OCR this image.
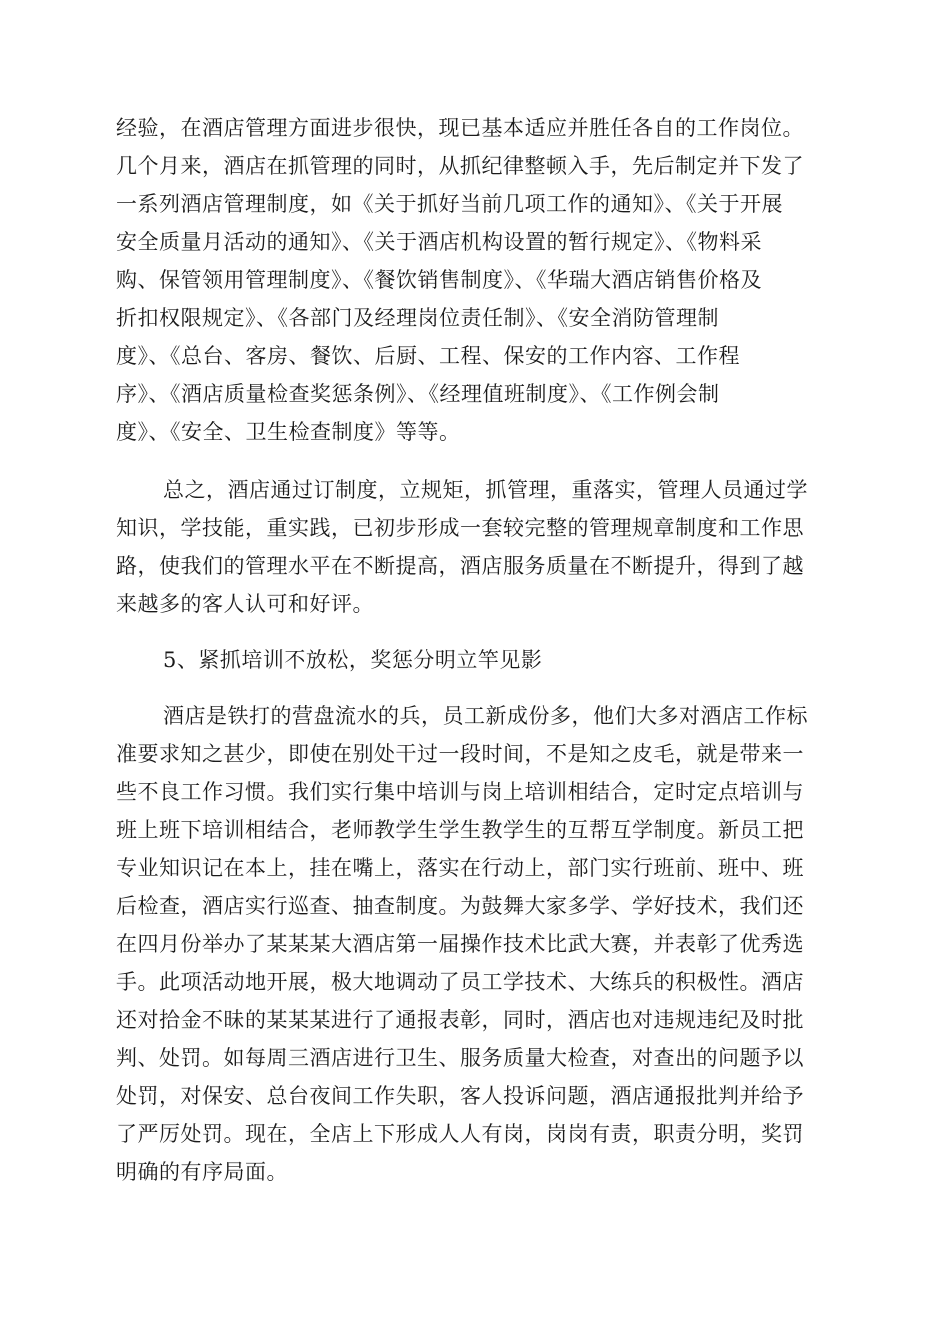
经验，在酒店管理方面进步很快，现已基本适应并胜任各自的工作岗位。
几个月来，酒店在抓管理的同时，从抓纪律整顿入手，先后制定并下发了
一系列酒店管理制度，如《关于抓好当前几项工作的通知》、《关于开展
安全质量月活动的通知》、《关于酒店机构设置的暂行规定》、《物料采
购、保管领用管理制度》、《餐饮销售制度》、《华瑞大酒店销售价格及
折扣权限规定》、《各部门及经理岗位责任制》、《安全消防管理制
度》、《总台、客房、餐饮、后厨、工程、保安的工作内容、工作程
序》、《酒店质量检查奖惩条例》、《经理值班制度》、《工作例会制
度》、《安全、卫生检查制度》等等。
总之，酒店通过订制度，立规矩，抓管理，重落实，管理人员通过学
知识，学技能，重实践，已初步形成一套较完整的管理规章制度和工作思
路，使我们的管理水平在不断提高，酒店服务质量在不断提升，得到了越
来越多的客人认可和好评。
5、紧抓培训不放松，奖惩分明立竿见影
酒店是铁打的营盘流水的兵，员工新成份多，他们大多对酒店工作标
准要求知之甚少，即使在别处干过一段时间，不是知之皮毛，就是带来一
些不良工作习惯。我们实行集中培训与岗上培训相结合，定时定点培训与
班上班下培训相结合，老师教学生学生教学生的互帮互学制度。新员工把
专业知识记在本上，挂在嘴上，落实在行动上，部门实行班前、班中、班
后检查，酒店实行巡查、抽查制度。为鼓舞大家多学、学好技术，我们还
在四月份举办了某某某大酒店第一届操作技术比武大赛，并表彰了优秀选
手。此项活动地开展，极大地调动了员工学技术、大练兵的积极性。酒店
还对拾金不昧的某某某进行了通报表彰，同时，酒店也对违规违纪及时批
判、处罚。如每周三酒店进行卫生、服务质量大检查，对查出的问题予以
处罚，对保安、总台夜间工作失职，客人投诉问题，酒店通报批判并给予
了严厉处罚。现在，全店上下形成人人有岗，岗岗有责，职责分明，奖罚
明确的有序局面。
